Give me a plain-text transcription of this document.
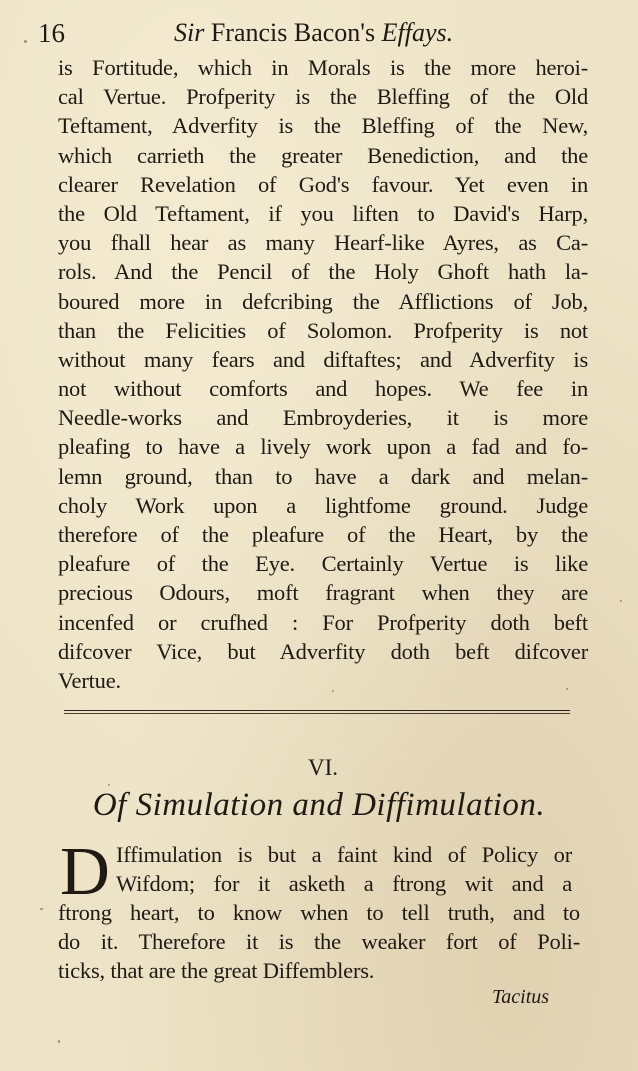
16	Sir Francis Bacon's Effays.
is Fortitude, which in Morals is the more heroi-
cal Vertue. Profperity is the Bleffing of the Old
Teftament, Adverfity is the Bleffing of the New,
which carrieth the greater Benediction, and the
clearer Revelation of God's favour. Yet even in
the Old Teftament, if you liften to David's Harp,
you fhall hear as many Hearf-like Ayres, as Ca-
rols. And the Pencil of the Holy Ghoft hath la-
boured more in defcribing the Afflictions of Job,
than the Felicities of Solomon. Profperity is not
without many fears and diftaftes; and Adverfity is
not without comforts and hopes. We fee in
Needle-works and Embroyderies, it is more
pleafing to have a lively work upon a fad and fo-
lemn ground, than to have a dark and melan-
choly Work upon a lightfome ground. Judge
therefore of the pleafure of the Heart, by the
pleafure of the Eye. Certainly Vertue is like
precious Odours, moft fragrant when they are
incenfed or crufhed : For Profperity doth beft
difcover Vice, but Adverfity doth beft difcover
Vertue.
VI.
Of Simulation and Diffimulation.
D Iffimulation is but a faint kind of Policy or
Wifdom; for it asketh a ftrong wit and a
ftrong heart, to know when to tell truth, and to
do it. Therefore it is the weaker fort of Poli-
ticks, that are the great Diffemblers.
Tacitus
